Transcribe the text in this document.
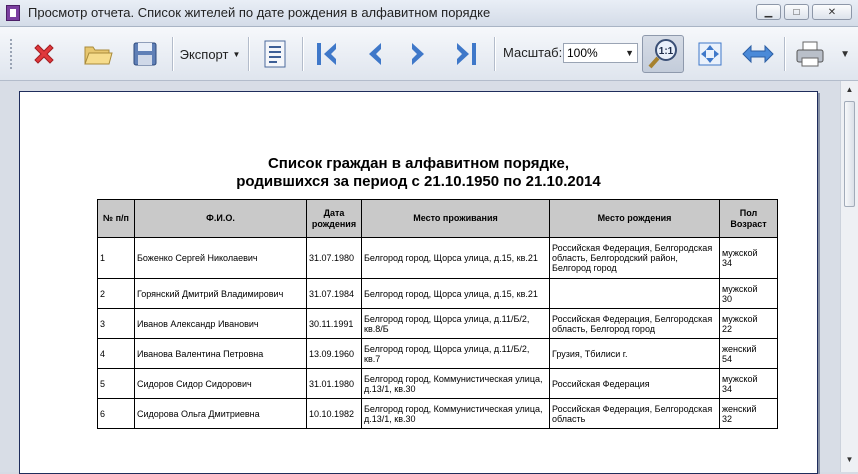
Просмотр отчета. Список жителей по дате рождения в алфавитном порядке	▁	□	✕
Экспорт ▼	Масштаб: 100%	▼ 1:1	▼
Список граждан в алфавитном порядке,
родившихся за период с 21.10.1950 по 21.10.2014
№ п/п	Ф.И.О.	Дата рождения	Место проживания	Место рождения	Пол Возраст
1	Боженко Сергей Николаевич	31.07.1980	Белгород город, Щорса улица, д.15, кв.21	Российская Федерация, Белгородская область, Белгородский район, Белгород город	мужской
34

2	Горянский Дмитрий Владимирович	31.07.1984	Белгород город, Щорса улица, д.15, кв.21		мужской
30

3	Иванов Александр Иванович	30.11.1991	Белгород город, Щорса улица, д.11/Б/2, кв.8/Б	Российская Федерация, Белгородская область, Белгород город	мужской
22

4	Иванова Валентина Петровна	13.09.1960	Белгород город, Щорса улица, д.11/Б/2, кв.7	Грузия, Тбилиси г.	женский
54

5	Сидоров Сидор Сидорович	31.01.1980	Белгород город, Коммунистическая улица, д.13/1, кв.30	Российская Федерация	мужской
34

6	Сидорова Ольга Дмитриевна	10.10.1982	Белгород город, Коммунистическая улица, д.13/1, кв.30	Российская Федерация, Белгородская область	женский
32
▲
▼
